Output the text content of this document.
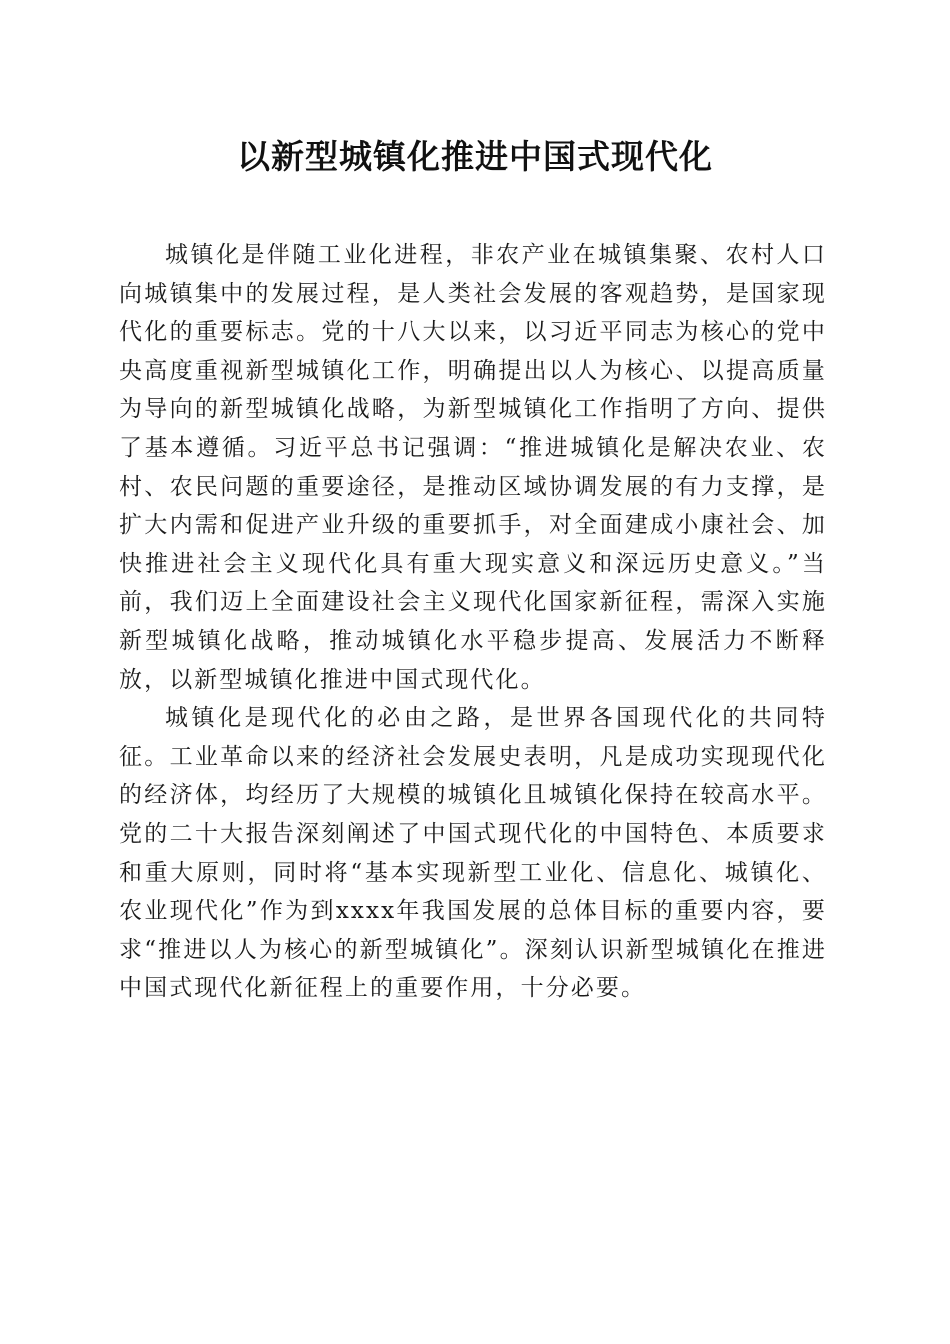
以新型城镇化推进中国式现代化

城镇化是伴随工业化进程，非农产业在城镇集聚、农村人口向城镇集中的发展过程，是人类社会发展的客观趋势，是国家现代化的重要标志。党的十八大以来，以习近平同志为核心的党中央高度重视新型城镇化工作，明确提出以人为核心、以提高质量为导向的新型城镇化战略，为新型城镇化工作指明了方向、提供了基本遵循。习近平总书记强调：“推进城镇化是解决农业、农村、农民问题的重要途径，是推动区域协调发展的有力支撑，是扩大内需和促进产业升级的重要抓手，对全面建成小康社会、加快推进社会主义现代化具有重大现实意义和深远历史意义。”当前，我们迈上全面建设社会主义现代化国家新征程，需深入实施新型城镇化战略，推动城镇化水平稳步提高、发展活力不断释放，以新型城镇化推进中国式现代化。

城镇化是现代化的必由之路，是世界各国现代化的共同特征。工业革命以来的经济社会发展史表明，凡是成功实现现代化的经济体，均经历了大规模的城镇化且城镇化保持在较高水平。党的二十大报告深刻阐述了中国式现代化的中国特色、本质要求和重大原则，同时将“基本实现新型工业化、信息化、城镇化、农业现代化”作为到xxxx年我国发展的总体目标的重要内容，要求“推进以人为核心的新型城镇化”。深刻认识新型城镇化在推进中国式现代化新征程上的重要作用，十分必要。
